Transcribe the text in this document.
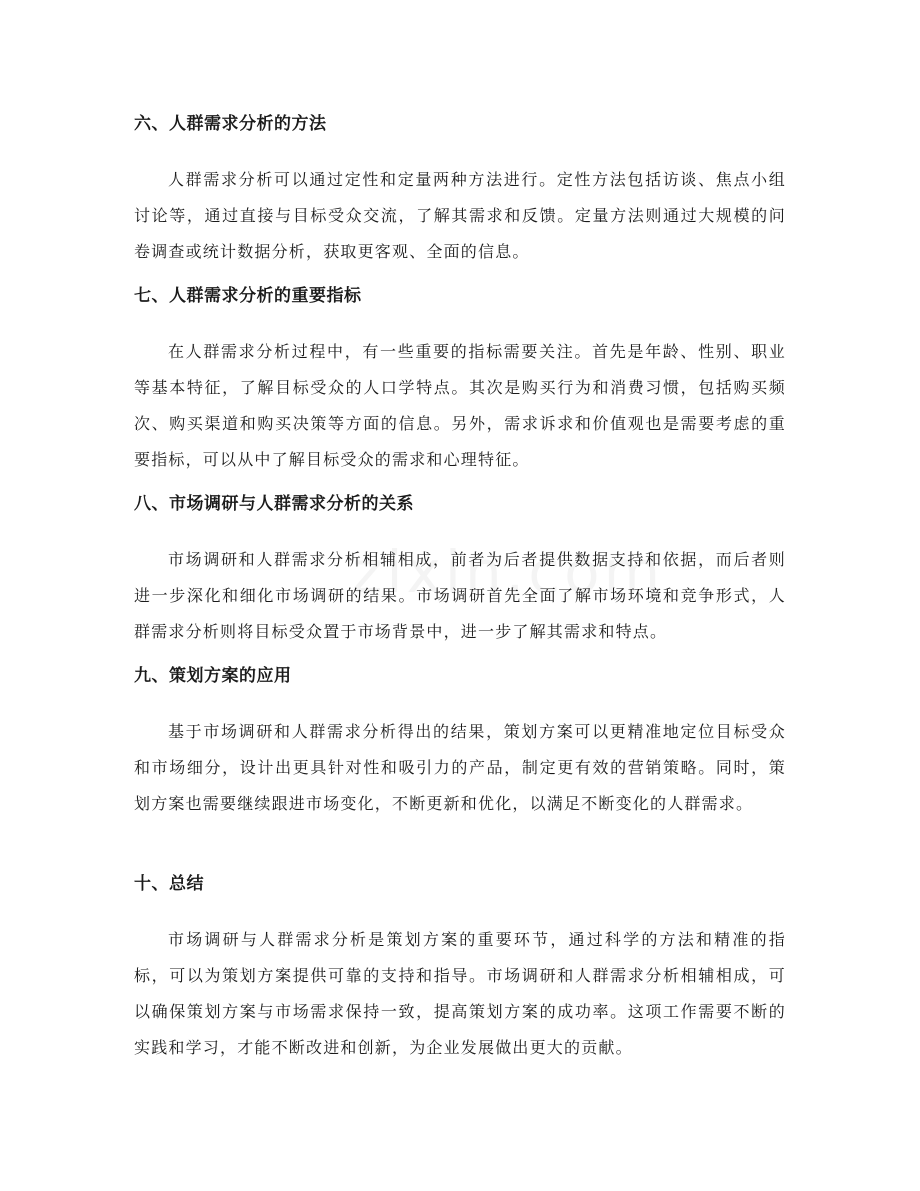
六、人群需求分析的方法

人群需求分析可以通过定性和定量两种方法进行。定性方法包括访谈、焦点小组讨论等，通过直接与目标受众交流，了解其需求和反馈。定量方法则通过大规模的问卷调查或统计数据分析，获取更客观、全面的信息。

七、人群需求分析的重要指标

在人群需求分析过程中，有一些重要的指标需要关注。首先是年龄、性别、职业等基本特征，了解目标受众的人口学特点。其次是购买行为和消费习惯，包括购买频次、购买渠道和购买决策等方面的信息。另外，需求诉求和价值观也是需要考虑的重要指标，可以从中了解目标受众的需求和心理特征。

八、市场调研与人群需求分析的关系

市场调研和人群需求分析相辅相成，前者为后者提供数据支持和依据，而后者则进一步深化和细化市场调研的结果。市场调研首先全面了解市场环境和竞争形式，人群需求分析则将目标受众置于市场背景中，进一步了解其需求和特点。

九、策划方案的应用

基于市场调研和人群需求分析得出的结果，策划方案可以更精准地定位目标受众和市场细分，设计出更具针对性和吸引力的产品，制定更有效的营销策略。同时，策划方案也需要继续跟进市场变化，不断更新和优化，以满足不断变化的人群需求。

十、总结

市场调研与人群需求分析是策划方案的重要环节，通过科学的方法和精准的指标，可以为策划方案提供可靠的支持和指导。市场调研和人群需求分析相辅相成，可以确保策划方案与市场需求保持一致，提高策划方案的成功率。这项工作需要不断的实践和学习，才能不断改进和创新，为企业发展做出更大的贡献。
